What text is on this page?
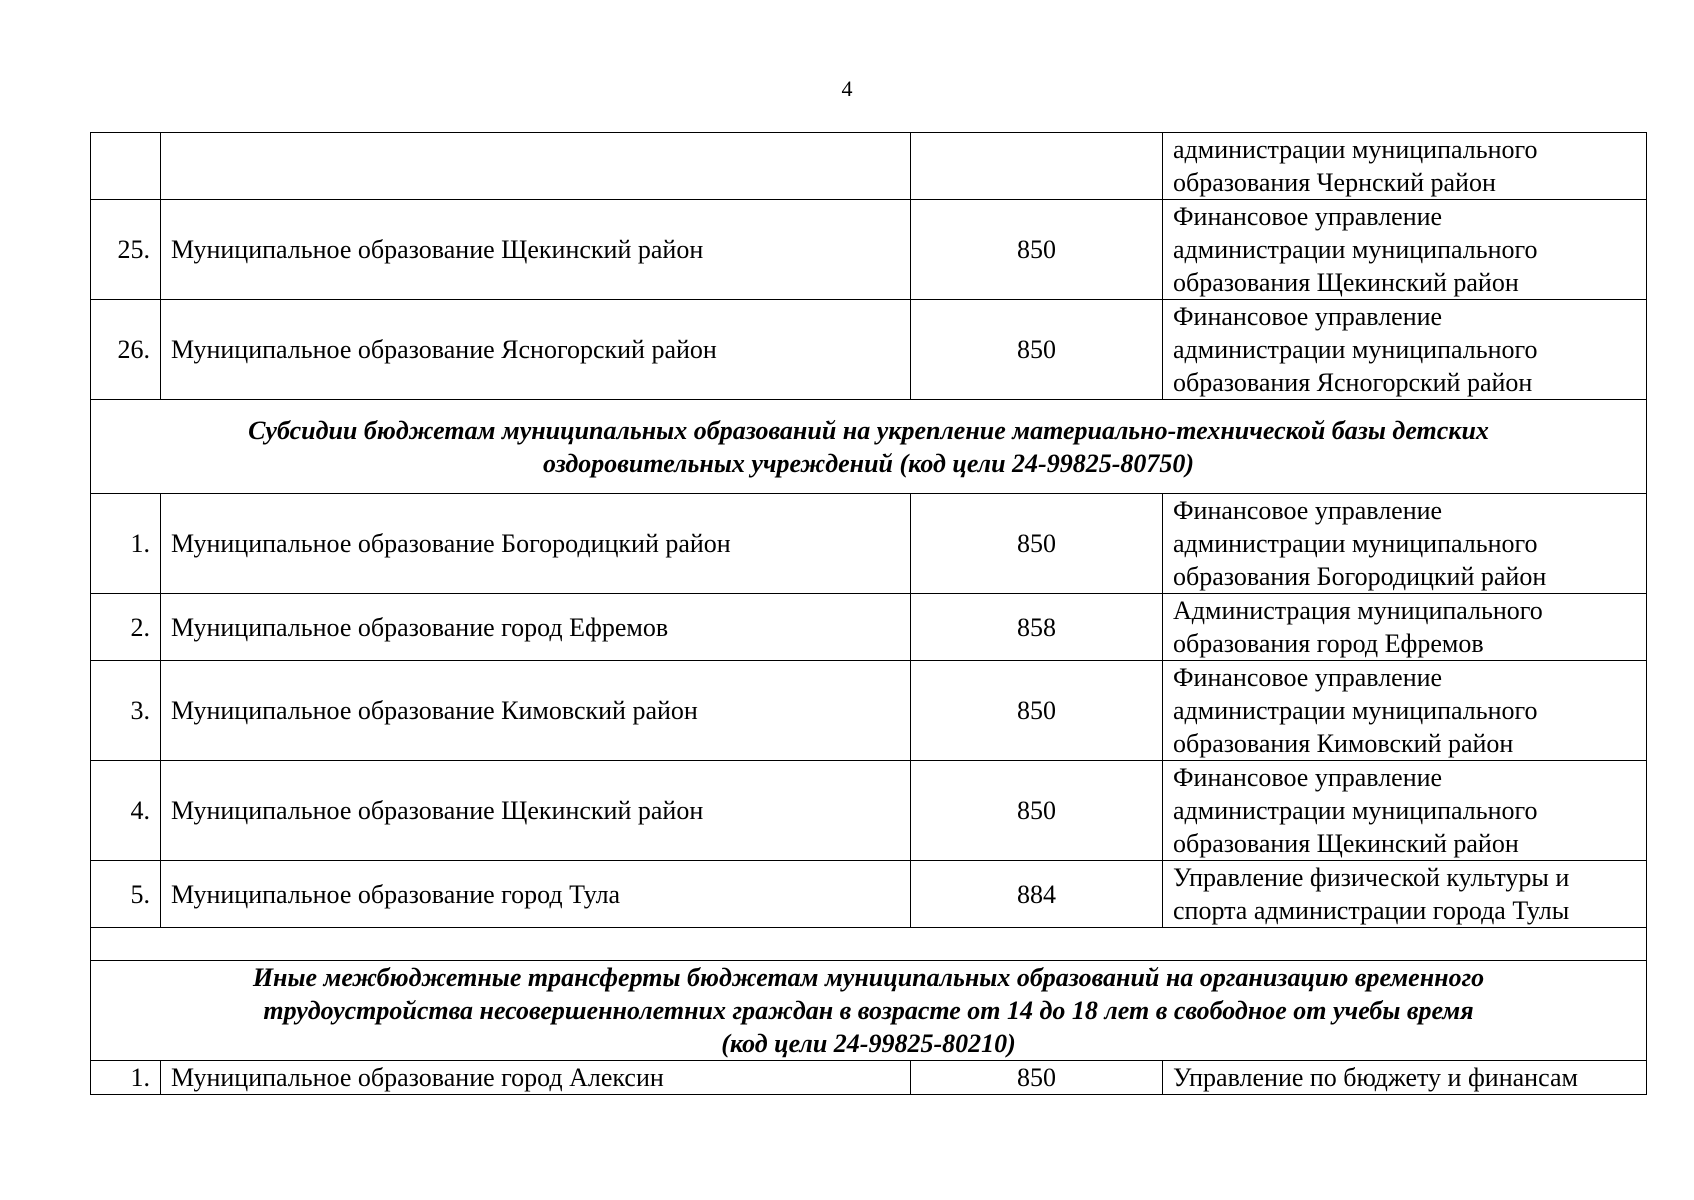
4

			администрации муниципального
образования Чернский район

25.	Муниципальное образование Щекинский район	850	Финансовое управление
администрации муниципального
образования Щекинский район

26.	Муниципальное образование Ясногорский район	850	Финансовое управление
администрации муниципального
образования Ясногорский район

Субсидии бюджетам муниципальных образований на укрепление материально-технической базы детских
оздоровительных учреждений (код цели 24-99825-80750)			

1.	Муниципальное образование Богородицкий район	850	Финансовое управление
администрации муниципального
образования Богородицкий район

2.	Муниципальное образование город Ефремов	858	Администрация муниципального
образования город Ефремов

3.	Муниципальное образование Кимовский район	850	Финансовое управление
администрации муниципального
образования Кимовский район

4.	Муниципальное образование Щекинский район	850	Финансовое управление
администрации муниципального
образования Щекинский район

5.	Муниципальное образование город Тула	884	Управление физической культуры и
спорта администрации города Тулы

Иные межбюджетные трансферты бюджетам муниципальных образований на организацию временного
трудоустройства несовершеннолетних граждан в возрасте от 14 до 18 лет в свободное от учебы время
(код цели 24-99825-80210)			

1.	Муниципальное образование город Алексин	850	Управление по бюджету и финансам
